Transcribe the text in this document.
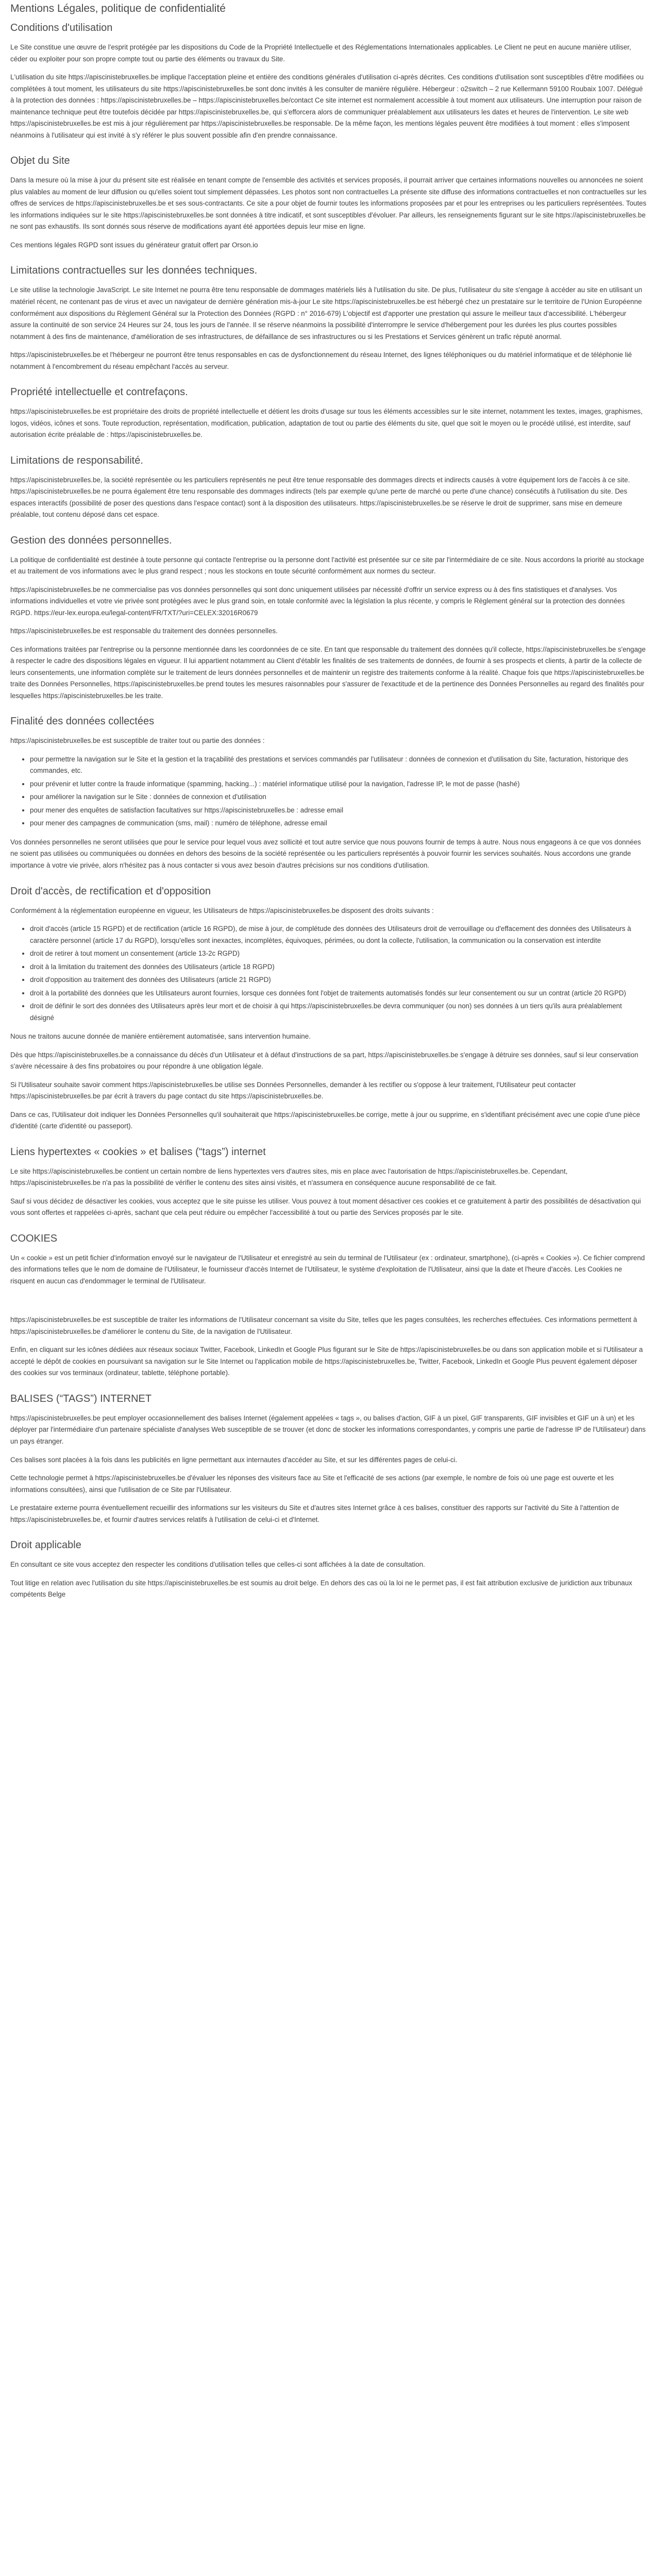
Mentions Légales, politique de confidentialité
Conditions d'utilisation

Le Site constitue une œuvre de l'esprit protégée par les dispositions du Code de la Propriété Intellectuelle et des Réglementations Internationales applicables. Le Client ne peut en aucune manière utiliser, céder ou exploiter pour son propre compte tout ou partie des éléments ou travaux du Site.

L'utilisation du site https://apiscinistebruxelles.be implique l'acceptation pleine et entière des conditions générales d'utilisation ci-après décrites. Ces conditions d'utilisation sont susceptibles d'être modifiées ou complétées à tout moment, les utilisateurs du site https://apiscinistebruxelles.be sont donc invités à les consulter de manière régulière. Hébergeur : o2switch – 2 rue Kellermann 59100 Roubaix 1007. Délégué à la protection des données : https://apiscinistebruxelles.be – https://apiscinistebruxelles.be/contact Ce site internet est normalement accessible à tout moment aux utilisateurs. Une interruption pour raison de maintenance technique peut être toutefois décidée par https://apiscinistebruxelles.be, qui s'efforcera alors de communiquer préalablement aux utilisateurs les dates et heures de l'intervention. Le site web https://apiscinistebruxelles.be est mis à jour régulièrement par https://apiscinistebruxelles.be responsable. De la même façon, les mentions légales peuvent être modifiées à tout moment : elles s'imposent néanmoins à l'utilisateur qui est invité à s'y référer le plus souvent possible afin d'en prendre connaissance.

Objet du Site

Dans la mesure où la mise à jour du présent site est réalisée en tenant compte de l'ensemble des activités et services proposés, il pourrait arriver que certaines informations nouvelles ou annoncées ne soient plus valables au moment de leur diffusion ou qu'elles soient tout simplement dépassées. Les photos sont non contractuelles La présente site diffuse des informations contractuelles et non contractuelles sur les offres de services de https://apiscinistebruxelles.be et ses sous-contractants. Ce site a pour objet de fournir toutes les informations proposées par et pour les entreprises ou les particuliers représentées. Toutes les informations indiquées sur le site https://apiscinistebruxelles.be sont données à titre indicatif, et sont susceptibles d'évoluer. Par ailleurs, les renseignements figurant sur le site https://apiscinistebruxelles.be ne sont pas exhaustifs. Ils sont donnés sous réserve de modifications ayant été apportées depuis leur mise en ligne.

Ces mentions légales RGPD sont issues du générateur gratuit offert par Orson.io

Limitations contractuelles sur les données techniques.

Le site utilise la technologie JavaScript. Le site Internet ne pourra être tenu responsable de dommages matériels liés à l'utilisation du site. De plus, l'utilisateur du site s'engage à accéder au site en utilisant un matériel récent, ne contenant pas de virus et avec un navigateur de dernière génération mis-à-jour Le site https://apiscinistebruxelles.be est hébergé chez un prestataire sur le territoire de l'Union Européenne conformément aux dispositions du Règlement Général sur la Protection des Données (RGPD : n° 2016-679) L'objectif est d'apporter une prestation qui assure le meilleur taux d'accessibilité. L'hébergeur assure la continuité de son service 24 Heures sur 24, tous les jours de l'année. Il se réserve néanmoins la possibilité d'interrompre le service d'hébergement pour les durées les plus courtes possibles notamment à des fins de maintenance, d'amélioration de ses infrastructures, de défaillance de ses infrastructures ou si les Prestations et Services génèrent un trafic réputé anormal.

https://apiscinistebruxelles.be et l'hébergeur ne pourront être tenus responsables en cas de dysfonctionnement du réseau Internet, des lignes téléphoniques ou du matériel informatique et de téléphonie lié notamment à l'encombrement du réseau empêchant l'accès au serveur.

Propriété intellectuelle et contrefaçons.

https://apiscinistebruxelles.be est propriétaire des droits de propriété intellectuelle et détient les droits d'usage sur tous les éléments accessibles sur le site internet, notamment les textes, images, graphismes, logos, vidéos, icônes et sons. Toute reproduction, représentation, modification, publication, adaptation de tout ou partie des éléments du site, quel que soit le moyen ou le procédé utilisé, est interdite, sauf autorisation écrite préalable de : https://apiscinistebruxelles.be.

Limitations de responsabilité.

https://apiscinistebruxelles.be, la société représentée ou les particuliers représentés ne peut être tenue responsable des dommages directs et indirects causés à votre équipement lors de l'accès à ce site. https://apiscinistebruxelles.be ne pourra également être tenu responsable des dommages indirects (tels par exemple qu'une perte de marché ou perte d'une chance) consécutifs à l'utilisation du site. Des espaces interactifs (possibilité de poser des questions dans l'espace contact) sont à la disposition des utilisateurs. https://apiscinistebruxelles.be se réserve le droit de supprimer, sans mise en demeure préalable, tout contenu déposé dans cet espace.

Gestion des données personnelles.

La politique de confidentialité est destinée à toute personne qui contacte l'entreprise ou la personne dont l'activité est présentée sur ce site par l'intermédiaire de ce site. Nous accordons la priorité au stockage et au traitement de vos informations avec le plus grand respect ; nous les stockons en toute sécurité conformément aux normes du secteur.

https://apiscinistebruxelles.be ne commercialise pas vos données personnelles qui sont donc uniquement utilisées par nécessité d'offrir un service express ou à des fins statistiques et d'analyses. Vos informations individuelles et votre vie privée sont protégées avec le plus grand soin, en totale conformité avec la législation la plus récente, y compris le Règlement général sur la protection des données RGPD. https://eur-lex.europa.eu/legal-content/FR/TXT/?uri=CELEX:32016R0679

https://apiscinistebruxelles.be est responsable du traitement des données personnelles.

Ces informations traitées par l'entreprise ou la personne mentionnée dans les coordonnées de ce site. En tant que responsable du traitement des données qu'il collecte, https://apiscinistebruxelles.be s'engage à respecter le cadre des dispositions légales en vigueur. Il lui appartient notamment au Client d'établir les finalités de ses traitements de données, de fournir à ses prospects et clients, à partir de la collecte de leurs consentements, une information complète sur le traitement de leurs données personnelles et de maintenir un registre des traitements conforme à la réalité. Chaque fois que https://apiscinistebruxelles.be traite des Données Personnelles, https://apiscinistebruxelles.be prend toutes les mesures raisonnables pour s'assurer de l'exactitude et de la pertinence des Données Personnelles au regard des finalités pour lesquelles https://apiscinistebruxelles.be les traite.

Finalité des données collectées

https://apiscinistebruxelles.be est susceptible de traiter tout ou partie des données :

• pour permettre la navigation sur le Site et la gestion et la traçabilité des prestations et services commandés par l'utilisateur : données de connexion et d'utilisation du Site, facturation, historique des commandes, etc.
• pour prévenir et lutter contre la fraude informatique (spamming, hacking...) : matériel informatique utilisé pour la navigation, l'adresse IP, le mot de passe (hashé)
• pour améliorer la navigation sur le Site : données de connexion et d'utilisation
• pour mener des enquêtes de satisfaction facultatives sur https://apiscinistebruxelles.be : adresse email
• pour mener des campagnes de communication (sms, mail) : numéro de téléphone, adresse email

Vos données personnelles ne seront utilisées que pour le service pour lequel vous avez sollicité et tout autre service que nous pouvons fournir de temps à autre. Nous nous engageons à ce que vos données ne soient pas utilisées ou communiquées ou données en dehors des besoins de la société représentée ou les particuliers représentés à pouvoir fournir les services souhaités. Nous accordons une grande importance à votre vie privée, alors n'hésitez pas à nous contacter si vous avez besoin d'autres précisions sur nos conditions d'utilisation.

Droit d'accès, de rectification et d'opposition

Conformément à la réglementation européenne en vigueur, les Utilisateurs de https://apiscinistebruxelles.be disposent des droits suivants :

• droit d'accès (article 15 RGPD) et de rectification (article 16 RGPD), de mise à jour, de complétude des données des Utilisateurs droit de verrouillage ou d'effacement des données des Utilisateurs à caractère personnel (article 17 du RGPD), lorsqu'elles sont inexactes, incomplètes, équivoques, périmées, ou dont la collecte, l'utilisation, la communication ou la conservation est interdite
• droit de retirer à tout moment un consentement (article 13-2c RGPD)
• droit à la limitation du traitement des données des Utilisateurs (article 18 RGPD)
• droit d'opposition au traitement des données des Utilisateurs (article 21 RGPD)
• droit à la portabilité des données que les Utilisateurs auront fournies, lorsque ces données font l'objet de traitements automatisés fondés sur leur consentement ou sur un contrat (article 20 RGPD)
• droit de définir le sort des données des Utilisateurs après leur mort et de choisir à qui https://apiscinistebruxelles.be devra communiquer (ou non) ses données à un tiers qu'ils aura préalablement désigné

Nous ne traitons aucune donnée de manière entièrement automatisée, sans intervention humaine.

Dès que https://apiscinistebruxelles.be a connaissance du décès d'un Utilisateur et à défaut d'instructions de sa part, https://apiscinistebruxelles.be s'engage à détruire ses données, sauf si leur conservation s'avère nécessaire à des fins probatoires ou pour répondre à une obligation légale.

Si l'Utilisateur souhaite savoir comment https://apiscinistebruxelles.be utilise ses Données Personnelles, demander à les rectifier ou s'oppose à leur traitement, l'Utilisateur peut contacter https://apiscinistebruxelles.be par écrit à travers du page contact du site https://apiscinistebruxelles.be.

Dans ce cas, l'Utilisateur doit indiquer les Données Personnelles qu'il souhaiterait que https://apiscinistebruxelles.be corrige, mette à jour ou supprime, en s'identifiant précisément avec une copie d'une pièce d'identité (carte d'identité ou passeport).

Liens hypertextes « cookies » et balises (“tags”) internet

Le site https://apiscinistebruxelles.be contient un certain nombre de liens hypertextes vers d'autres sites, mis en place avec l'autorisation de https://apiscinistebruxelles.be. Cependant, https://apiscinistebruxelles.be n'a pas la possibilité de vérifier le contenu des sites ainsi visités, et n'assumera en conséquence aucune responsabilité de ce fait.

Sauf si vous décidez de désactiver les cookies, vous acceptez que le site puisse les utiliser. Vous pouvez à tout moment désactiver ces cookies et ce gratuitement à partir des possibilités de désactivation qui vous sont offertes et rappelées ci-après, sachant que cela peut réduire ou empêcher l'accessibilité à tout ou partie des Services proposés par le site.

COOKIES

Un « cookie » est un petit fichier d'information envoyé sur le navigateur de l'Utilisateur et enregistré au sein du terminal de l'Utilisateur (ex : ordinateur, smartphone), (ci-après « Cookies »). Ce fichier comprend des informations telles que le nom de domaine de l'Utilisateur, le fournisseur d'accès Internet de l'Utilisateur, le système d'exploitation de l'Utilisateur, ainsi que la date et l'heure d'accès. Les Cookies ne risquent en aucun cas d'endommager le terminal de l'Utilisateur.

https://apiscinistebruxelles.be est susceptible de traiter les informations de l'Utilisateur concernant sa visite du Site, telles que les pages consultées, les recherches effectuées. Ces informations permettent à https://apiscinistebruxelles.be d'améliorer le contenu du Site, de la navigation de l'Utilisateur.

Enfin, en cliquant sur les icônes dédiées aux réseaux sociaux Twitter, Facebook, LinkedIn et Google Plus figurant sur le Site de https://apiscinistebruxelles.be ou dans son application mobile et si l'Utilisateur a accepté le dépôt de cookies en poursuivant sa navigation sur le Site Internet ou l'application mobile de https://apiscinistebruxelles.be, Twitter, Facebook, LinkedIn et Google Plus peuvent également déposer des cookies sur vos terminaux (ordinateur, tablette, téléphone portable).

BALISES (“TAGS”) INTERNET

https://apiscinistebruxelles.be peut employer occasionnellement des balises Internet (également appelées « tags », ou balises d'action, GIF à un pixel, GIF transparents, GIF invisibles et GIF un à un) et les déployer par l'intermédiaire d'un partenaire spécialiste d'analyses Web susceptible de se trouver (et donc de stocker les informations correspondantes, y compris une partie de l'adresse IP de l'Utilisateur) dans un pays étranger.

Ces balises sont placées à la fois dans les publicités en ligne permettant aux internautes d'accéder au Site, et sur les différentes pages de celui-ci.

Cette technologie permet à https://apiscinistebruxelles.be d'évaluer les réponses des visiteurs face au Site et l'efficacité de ses actions (par exemple, le nombre de fois où une page est ouverte et les informations consultées), ainsi que l'utilisation de ce Site par l'Utilisateur.

Le prestataire externe pourra éventuellement recueillir des informations sur les visiteurs du Site et d'autres sites Internet grâce à ces balises, constituer des rapports sur l'activité du Site à l'attention de https://apiscinistebruxelles.be, et fournir d'autres services relatifs à l'utilisation de celui-ci et d'Internet.

Droit applicable

En consultant ce site vous acceptez den respecter les conditions d'utilisation telles que celles-ci sont affichées à la date de consultation.

Tout litige en relation avec l'utilisation du site https://apiscinistebruxelles.be est soumis au droit belge. En dehors des cas où la loi ne le permet pas, il est fait attribution exclusive de juridiction aux tribunaux compétents Belge
